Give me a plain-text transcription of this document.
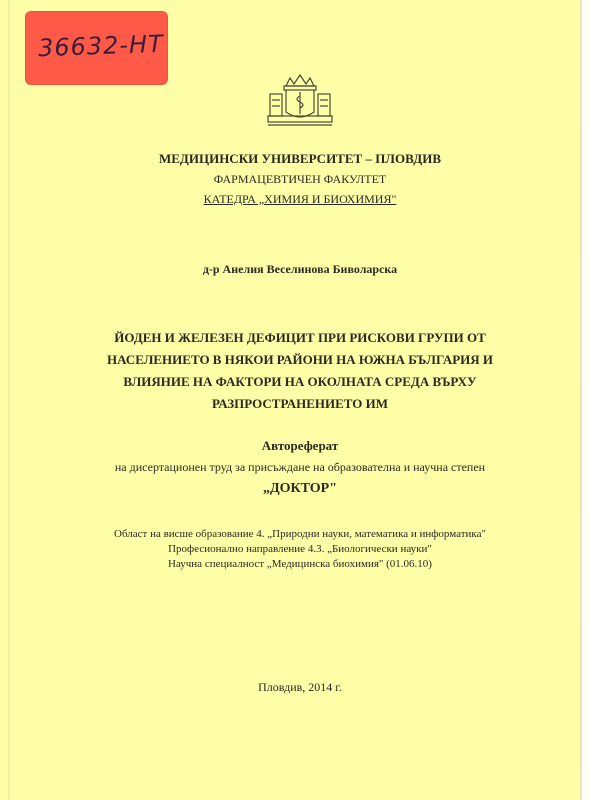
36632-НТ
МЕДИЦИНСКИ УНИВЕРСИТЕТ – ПЛОВДИВ
ФАРМАЦЕВТИЧЕН ФАКУЛТЕТ
КАТЕДРА „ХИМИЯ И БИОХИМИЯ"
д-р Анелия Веселинова Биволарска
ЙОДЕН И ЖЕЛЕЗЕН ДЕФИЦИТ ПРИ РИСКОВИ ГРУПИ ОТ
НАСЕЛЕНИЕТО В НЯКОИ РАЙОНИ НА ЮЖНА БЪЛГАРИЯ И
ВЛИЯНИЕ НА ФАКТОРИ НА ОКОЛНАТА СРЕДА ВЪРХУ
РАЗПРОСТРАНЕНИЕТО ИМ
Автореферат
на дисертационен труд за присъждане на образователна и научна степен
„ДОКТОР"
Област на висше образование 4. „Природни науки, математика и информатика"
Професионално направление 4.3. „Биологически науки"
Научна специалност „Медицинска биохимия" (01.06.10)
Пловдив, 2014 г.
